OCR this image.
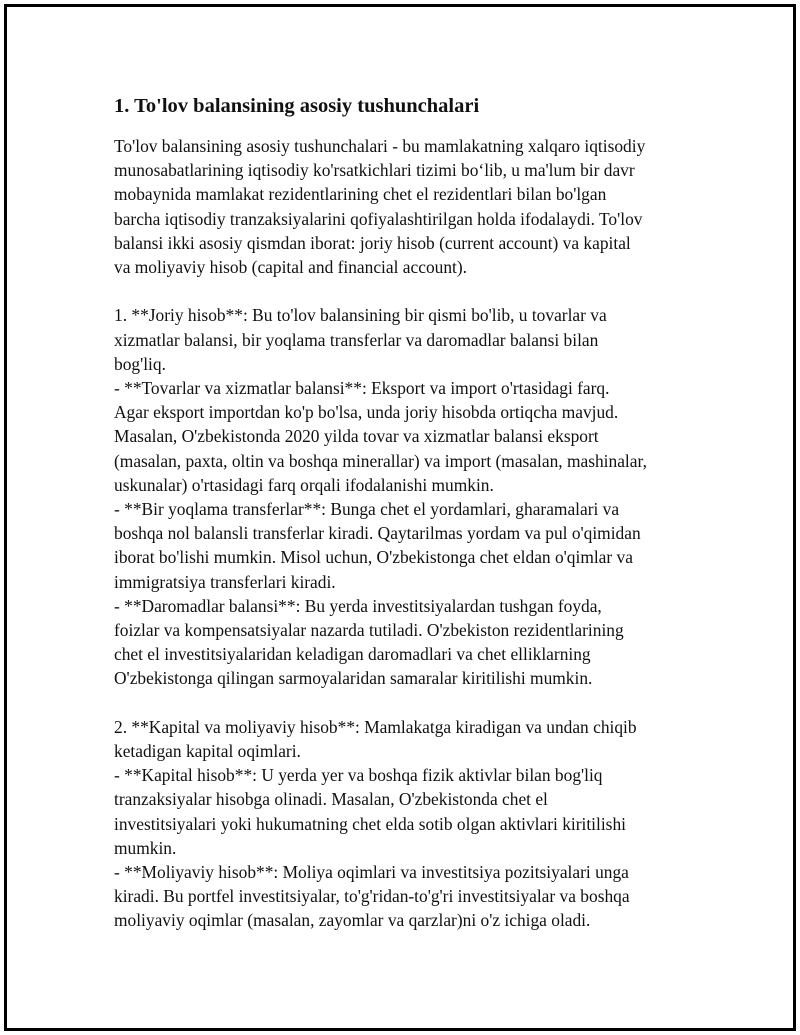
1. To'lov balansining asosiy tushunchalari

To'lov balansining asosiy tushunchalari - bu mamlakatning xalqaro iqtisodiy
munosabatlarining iqtisodiy ko'rsatkichlari tizimi bo‘lib, u ma'lum bir davr
mobaynida mamlakat rezidentlarining chet el rezidentlari bilan bo'lgan
barcha iqtisodiy tranzaksiyalarini qofiyalashtirilgan holda ifodalaydi. To'lov
balansi ikki asosiy qismdan iborat: joriy hisob (current account) va kapital
va moliyaviy hisob (capital and financial account).

1. **Joriy hisob**: Bu to'lov balansining bir qismi bo'lib, u tovarlar va
xizmatlar balansi, bir yoqlama transferlar va daromadlar balansi bilan
bog'liq.
- **Tovarlar va xizmatlar balansi**: Eksport va import o'rtasidagi farq.
Agar eksport importdan ko'p bo'lsa, unda joriy hisobda ortiqcha mavjud.
Masalan, O'zbekistonda 2020 yilda tovar va xizmatlar balansi eksport
(masalan, paxta, oltin va boshqa minerallar) va import (masalan, mashinalar,
uskunalar) o'rtasidagi farq orqali ifodalanishi mumkin.
- **Bir yoqlama transferlar**: Bunga chet el yordamlari, gharamalari va
boshqa nol balansli transferlar kiradi. Qaytarilmas yordam va pul o'qimidan
iborat bo'lishi mumkin. Misol uchun, O'zbekistonga chet eldan o'qimlar va
immigratsiya transferlari kiradi.
- **Daromadlar balansi**: Bu yerda investitsiyalardan tushgan foyda,
foizlar va kompensatsiyalar nazarda tutiladi. O'zbekiston rezidentlarining
chet el investitsiyalaridan keladigan daromadlari va chet elliklarning
O'zbekistonga qilingan sarmoyalaridan samaralar kiritilishi mumkin.

2. **Kapital va moliyaviy hisob**: Mamlakatga kiradigan va undan chiqib
ketadigan kapital oqimlari.
- **Kapital hisob**: U yerda yer va boshqa fizik aktivlar bilan bog'liq
tranzaksiyalar hisobga olinadi. Masalan, O'zbekistonda chet el
investitsiyalari yoki hukumatning chet elda sotib olgan aktivlari kiritilishi
mumkin.
- **Moliyaviy hisob**: Moliya oqimlari va investitsiya pozitsiyalari unga
kiradi. Bu portfel investitsiyalar, to'g'ridan-to'g'ri investitsiyalar va boshqa
moliyaviy oqimlar (masalan, zayomlar va qarzlar)ni o'z ichiga oladi.
